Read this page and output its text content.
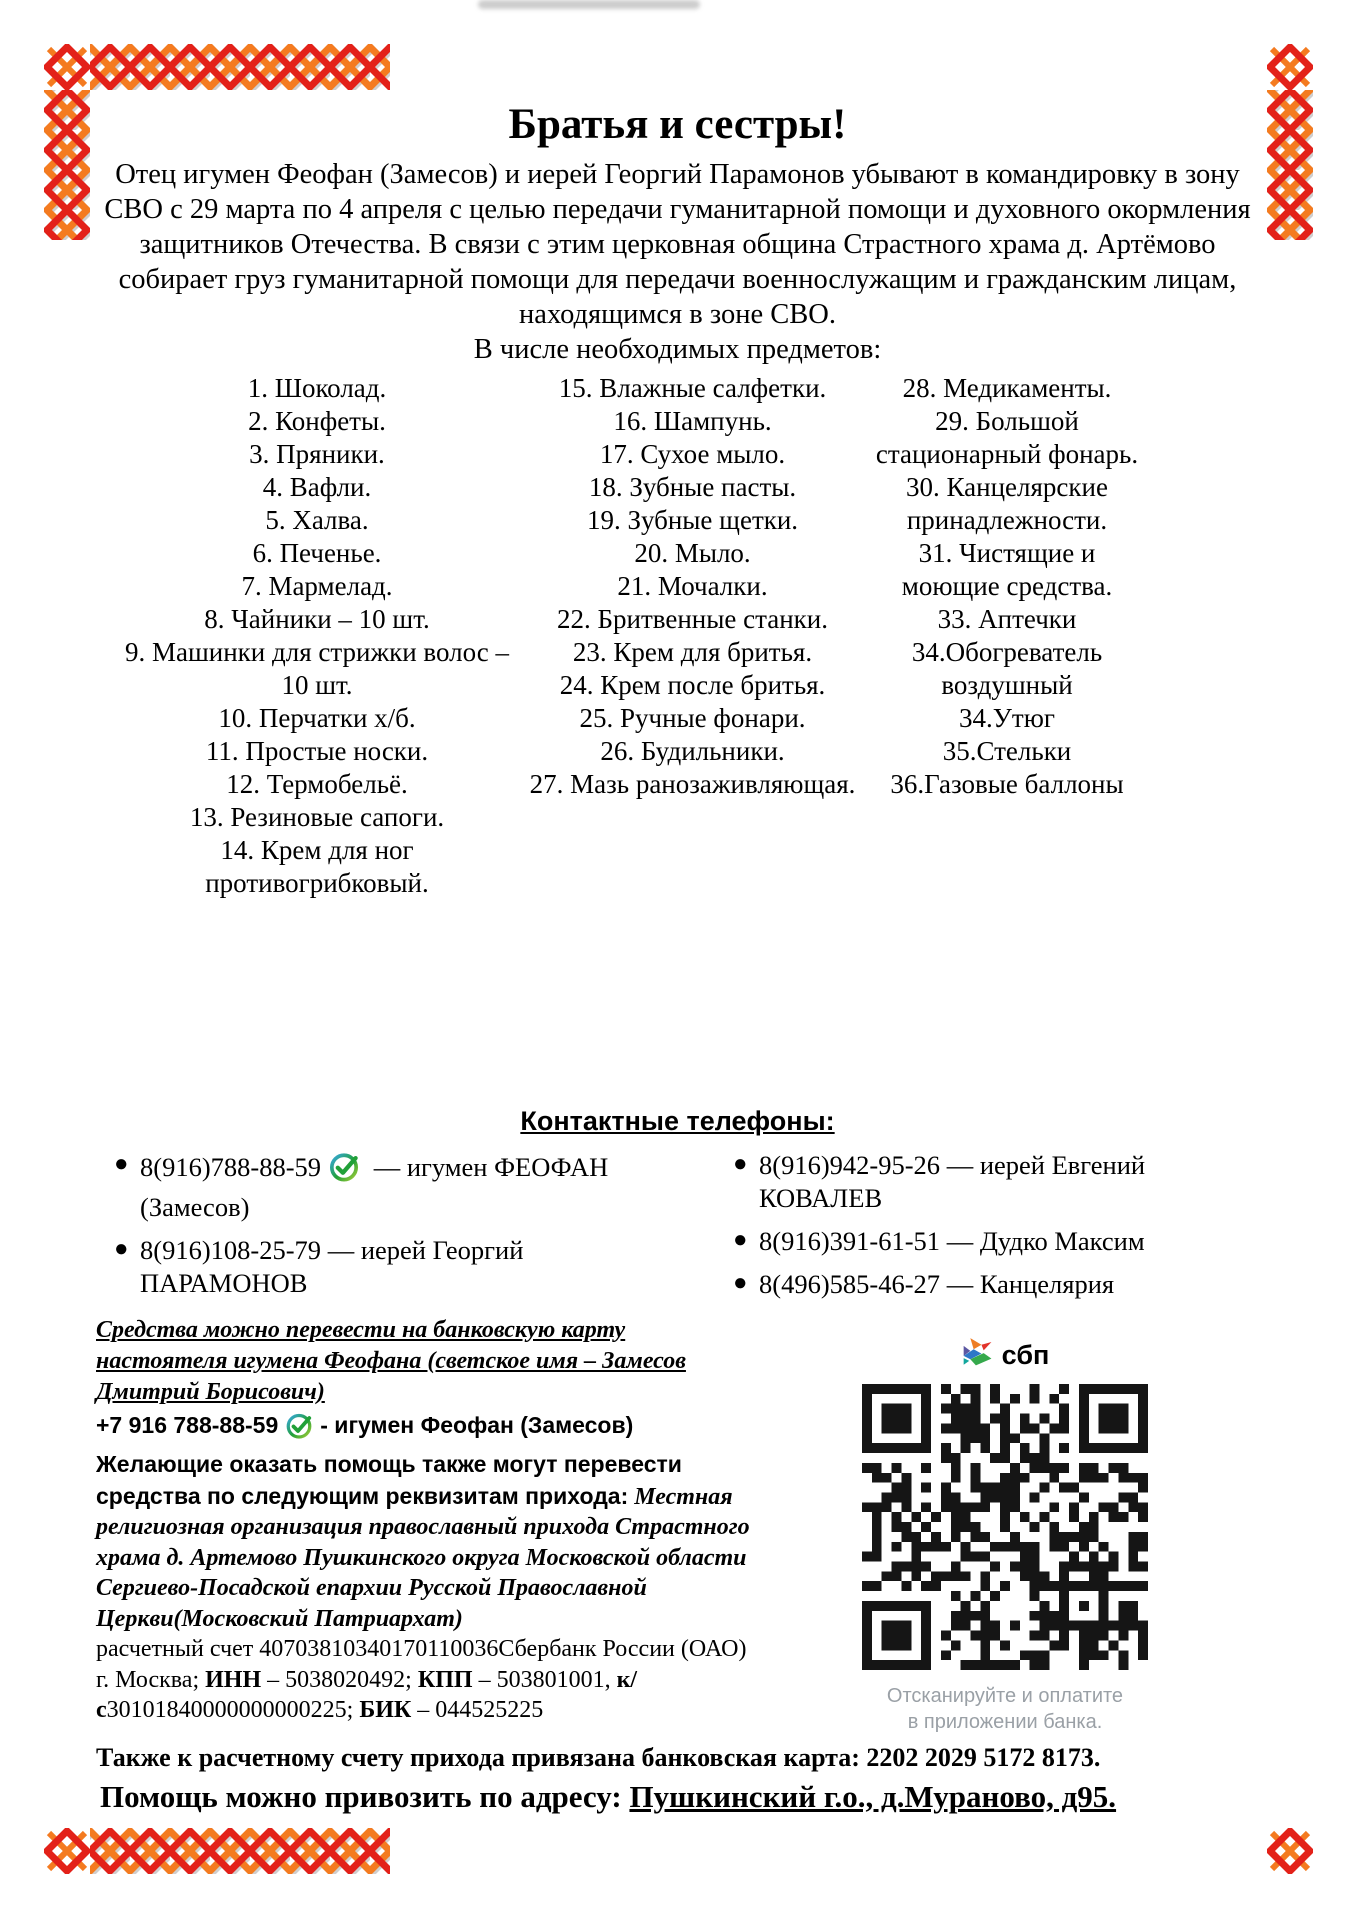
Братья и сестры!

Отец игумен Феофан (Замесов) и иерей Георгий Парамонов убывают в командировку в зону СВО с 29 марта по 4 апреля с целью передачи гуманитарной помощи и духовного окормления защитников Отечества. В связи с этим церковная община Страстного храма д. Артёмово собирает груз гуманитарной помощи для передачи военнослужащим и гражданским лицам, находящимся в зоне СВО.

В числе необходимых предметов:
1. Шоколад.
2. Конфеты.
3. Пряники.
4. Вафли.
5. Халва.
6. Печенье.
7. Мармелад.
8. Чайники – 10 шт.
9. Машинки для стрижки волос – 10 шт.
10. Перчатки х/б.
11. Простые носки.
12. Термобельё.
13. Резиновые сапоги.
14. Крем для ног противогрибковый.
15. Влажные салфетки.
16. Шампунь.
17. Сухое мыло.
18. Зубные пасты.
19. Зубные щетки.
20. Мыло.
21. Мочалки.
22. Бритвенные станки.
23. Крем для бритья.
24. Крем после бритья.
25. Ручные фонари.
26. Будильники.
27. Мазь ранозаживляющая.
28. Медикаменты.
29. Большой стационарный фонарь.
30. Канцелярские принадлежности.
31. Чистящие и моющие средства.
33. Аптечки
34.Обогреватель воздушный
34.Утюг
35.Стельки
36.Газовые баллоны
Контактные телефоны:
● 8(916)788-88-59 — игумен ФЕОФАН (Замесов)
● 8(916)108-25-79 — иерей Георгий ПАРАМОНОВ
● 8(916)942-95-26 — иерей Евгений КОВАЛЕВ
● 8(916)391-61-51 — Дудко Максим
● 8(496)585-46-27 — Канцелярия

Средства можно перевести на банковскую карту настоятеля игумена Феофана (светское имя – Замесов Дмитрий Борисович)

+7 916 788-88-59 - игумен Феофан (Замесов)

Желающие оказать помощь также могут перевести средства по следующим реквизитам прихода: Местная религиозная организация православный прихода Страстного храма д. Артемово Пушкинского округа Московской области Сергиево-Посадской епархии Русской Православной Церкви(Московский Патриархат)

расчетный счет 40703810340170110036Сбербанк России (ОАО) г. Москва; ИНН – 5038020492; КПП – 503801001, к/с30101840000000000225; БИК – 044525225

сбп
Отсканируйте и оплатите
в приложении банка.

Также к расчетному счету прихода привязана банковская карта: 2202 2029 5172 8173.

Помощь можно привозить по адресу: Пушкинский г.о., д.Мураново, д95.
